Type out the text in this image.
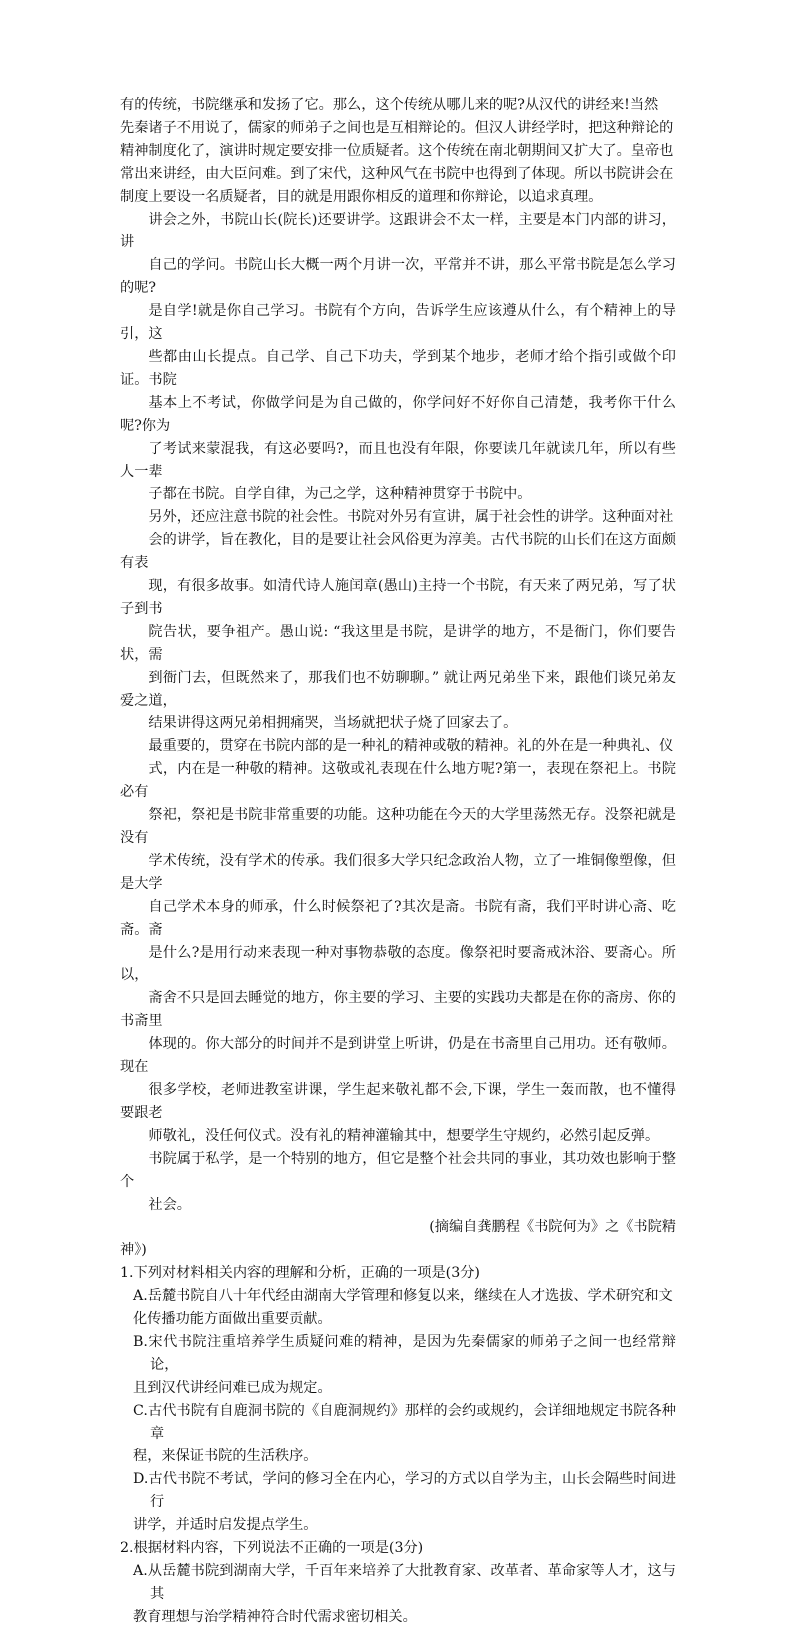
有的传统，书院继承和发扬了它。那么，这个传统从哪儿来的呢?从汉代的讲经来!当然
先秦诸子不用说了，儒家的师弟子之间也是互相辩论的。但汉人讲经学时，把这种辩论的
精神制度化了，演讲时规定要安排一位质疑者。这个传统在南北朝期间又扩大了。皇帝也
常出来讲经，由大臣问难。到了宋代，这种风气在书院中也得到了体现。所以书院讲会在
制度上要设一名质疑者，目的就是用跟你相反的道理和你辩论，以追求真理。

讲会之外，书院山长(院长)还要讲学。这跟讲会不太一样，主要是本门内部的讲习，讲
自己的学问。书院山长大概一两个月讲一次，平常并不讲，那么平常书院是怎么学习的呢?
是自学!就是你自己学习。书院有个方向，告诉学生应该遵从什么，有个精神上的导引，这
些都由山长提点。自己学、自己下功夫，学到某个地步，老师才给个指引或做个印证。书院
基本上不考试，你做学问是为自己做的，你学问好不好你自己清楚，我考你干什么呢?你为
了考试来蒙混我，有这必要吗?，而且也没有年限，你要读几年就读几年，所以有些人一辈
子都在书院。自学自律，为己之学，这种精神贯穿于书院中。

另外，还应注意书院的社会性。书院对外另有宣讲，属于社会性的讲学。这种面对社
会的讲学，旨在教化，目的是要让社会风俗更为淳美。古代书院的山长们在这方面颇有表
现，有很多故事。如清代诗人施闰章(愚山)主持一个书院，有天来了两兄弟，写了状子到书
院告状，要争祖产。愚山说: “我这里是书院，是讲学的地方，不是衙门，你们要告状，需
到衙门去，但既然来了，那我们也不妨聊聊。” 就让两兄弟坐下来，跟他们谈兄弟友爱之道，
结果讲得这两兄弟相拥痛哭，当场就把状子烧了回家去了。

最重要的，贯穿在书院内部的是一种礼的精神或敬的精神。礼的外在是一种典礼、仪
式，内在是一种敬的精神。这敬或礼表现在什么地方呢?第一，表现在祭祀上。书院必有
祭祀，祭祀是书院非常重要的功能。这种功能在今天的大学里荡然无存。没祭祀就是没有
学术传统，没有学术的传承。我们很多大学只纪念政治人物，立了一堆铜像塑像，但是大学
自己学术本身的师承，什么时候祭祀了?其次是斋。书院有斋，我们平时讲心斋、吃斋。斋
是什么?是用行动来表现一种对事物恭敬的态度。像祭祀时要斋戒沐浴、要斋心。所以，
斋舍不只是回去睡觉的地方，你主要的学习、主要的实践功夫都是在你的斋房、你的书斋里
体现的。你大部分的时间并不是到讲堂上听讲，仍是在书斋里自己用功。还有敬师。现在
很多学校，老师进教室讲课，学生起来敬礼都不会,下课，学生一轰而散，也不懂得要跟老
师敬礼，没任何仪式。没有礼的精神灌输其中，想要学生守规约，必然引起反弹。

书院属于私学，是一个特别的地方，但它是整个社会共同的事业，其功效也影响于整个
社会。

(摘编自龚鹏程《书院何为》之《书院精

神》)

1.下列对材料相关内容的理解和分析，正确的一项是(3分)

A.岳麓书院自八十年代经由湖南大学管理和修复以来，继续在人才选拔、学术研究和文
化传播功能方面做出重要贡献。

B.宋代书院注重培养学生质疑问难的精神，是因为先秦儒家的师弟子之间一也经常辩论，
且到汉代讲经问难已成为规定。

C.古代书院有自鹿洞书院的《自鹿洞规约》那样的会约或规约，会详细地规定书院各种章
程，来保证书院的生活秩序。

D.古代书院不考试，学问的修习全在内心，学习的方式以自学为主，山长会隔些时间进行
讲学，并适时启发提点学生。

2.根据材料内容，下列说法不正确的一项是(3分)

A.从岳麓书院到湖南大学，千百年来培养了大批教育家、改革者、革命家等人才，这与其
教育理想与治学精神符合时代需求密切相关。
